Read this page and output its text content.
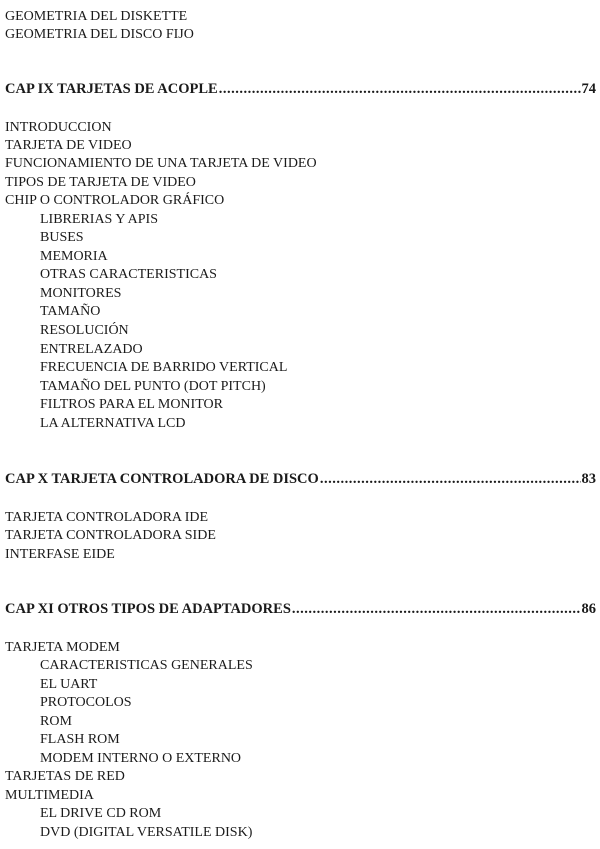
GEOMETRIA DEL DISKETTE
GEOMETRIA DEL DISCO FIJO
CAP IX TARJETAS DE ACOPLE .....	74
INTRODUCCION
TARJETA DE VIDEO
FUNCIONAMIENTO DE UNA TARJETA DE VIDEO
TIPOS DE TARJETA DE VIDEO
CHIP O CONTROLADOR GRÁFICO
LIBRERIAS Y APIS
BUSES
MEMORIA
OTRAS CARACTERISTICAS
MONITORES
TAMAÑO
RESOLUCIÓN
ENTRELAZADO
FRECUENCIA DE BARRIDO VERTICAL
TAMAÑO DEL PUNTO (DOT PITCH)
FILTROS PARA EL MONITOR
LA ALTERNATIVA LCD
CAP X TARJETA CONTROLADORA DE DISCO .....	83
TARJETA CONTROLADORA IDE
TARJETA CONTROLADORA SIDE
INTERFASE EIDE
CAP XI OTROS TIPOS DE ADAPTADORES .....	86
TARJETA MODEM
CARACTERISTICAS GENERALES
EL UART
PROTOCOLOS
ROM
FLASH ROM
MODEM INTERNO O EXTERNO
TARJETAS DE RED
MULTIMEDIA
EL DRIVE CD ROM
DVD (DIGITAL VERSATILE DISK)
